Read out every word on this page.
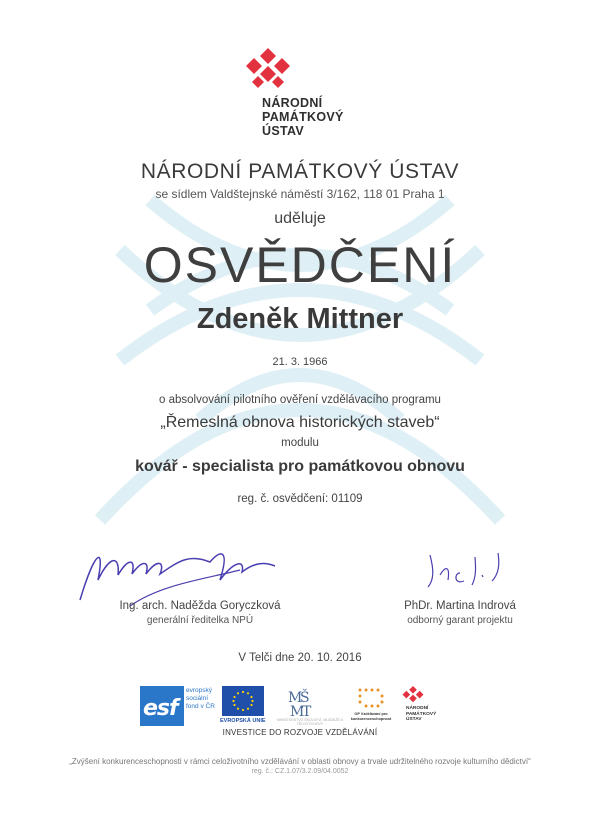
NÁRODNÍ
PAMÁTKOVÝ
ÚSTAV
NÁRODNÍ PAMÁTKOVÝ ÚSTAV
se sídlem Valdštejnské náměstí 3/162, 118 01 Praha 1
uděluje
OSVĚDČENÍ
Zdeněk Mittner
21. 3. 1966
o absolvování pilotního ověření vzdělávacího programu
„Řemeslná obnova historických staveb“
modulu
kovář - specialista pro památkovou obnovu
reg. č. osvědčení: 01109
Ing. arch. Naděžda Goryczková
generální ředitelka NPÚ
PhDr. Martina Indrová
odborný garant projektu
V Telči dne 20. 10. 2016
esf
evropský
sociální
fond v ČR
EVROPSKÁ UNIE
M
Š
M
T
MINISTERSTVO ŠKOLSTVÍ, MLÁDEŽE A TĚLOVÝCHOVY
OP Vzdělávání pro konkurenceschopnost
NÁRODNÍ
PAMÁTKOVÝ
ÚSTAV
INVESTICE DO ROZVOJE VZDĚLÁVÁNÍ
„Zvýšení konkurenceschopnosti v rámci celoživotního vzdělávání v oblasti obnovy a trvale udržitelného rozvoje kulturního dědictví“
reg. č.: CZ.1.07/3.2.09/04.0052
